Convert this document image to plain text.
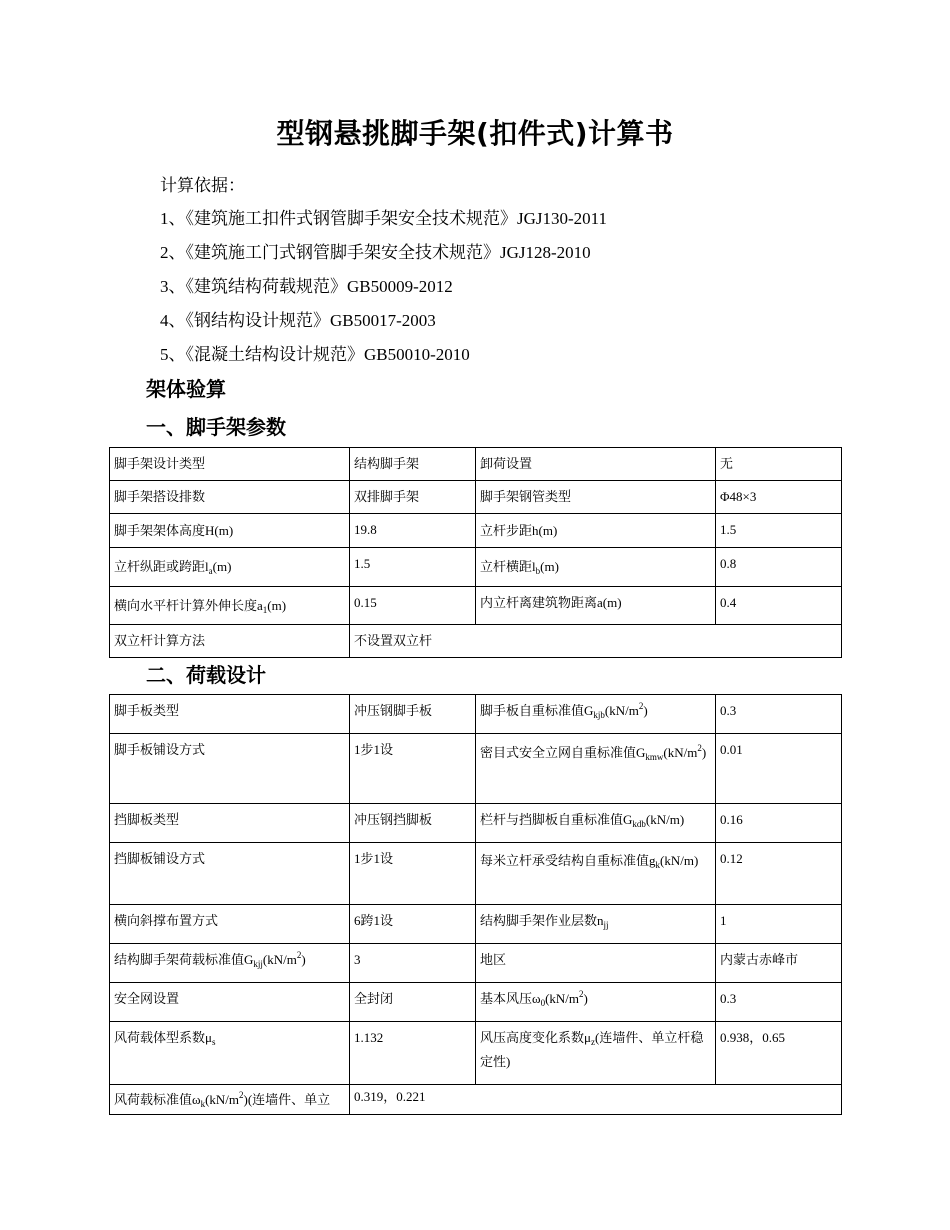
型钢悬挑脚手架(扣件式)计算书
计算依据：
1、《建筑施工扣件式钢管脚手架安全技术规范》JGJ130-2011
2、《建筑施工门式钢管脚手架安全技术规范》JGJ128-2010
3、《建筑结构荷载规范》GB50009-2012
4、《钢结构设计规范》GB50017-2003
5、《混凝土结构设计规范》GB50010-2010
架体验算
一、脚手架参数
脚手架设计类型	结构脚手架	卸荷设置	无
脚手架搭设排数	双排脚手架	脚手架钢管类型	Φ48×3
脚手架架体高度H(m)	19.8	立杆步距h(m)	1.5
立杆纵距或跨距$l_a(m)$	1.5	立杆横距$l_b(m)$	0.8
横向水平杆计算外伸长度$a_1(m)$	0.15	内立杆离建筑物距离a(m)	0.4
双立杆计算方法	不设置双立杆		
二、荷载设计
脚手板类型	冲压钢脚手板	脚手板自重标准值$G_{kjb}(kN/m^2)$	0.3
脚手板铺设方式	1步1设	密目式安全立网自重标准值$G_{kmw}(kN/m^2)$	0.01
挡脚板类型	冲压钢挡脚板	栏杆与挡脚板自重标准值$G_{kdb}(kN/m)$	0.16
挡脚板铺设方式	1步1设	每米立杆承受结构自重标准值$g_k(kN/m)$	0.12
横向斜撑布置方式	6跨1设	结构脚手架作业层数$n_{jj}$	1
结构脚手架荷载标准值$G_{kjj}(kN/m^2)$	3	地区	内蒙古赤峰市
安全网设置	全封闭	基本风压$\omega_0(kN/m^2)$	0.3
风荷载体型系数$\mu_s$	1.132	风压高度变化系数$\mu_z$(连墙件、单立杆稳定性)	0.938，0.65
风荷载标准值$\omega_k(kN/m^2)$(连墙件、单立	0.319，0.221		
